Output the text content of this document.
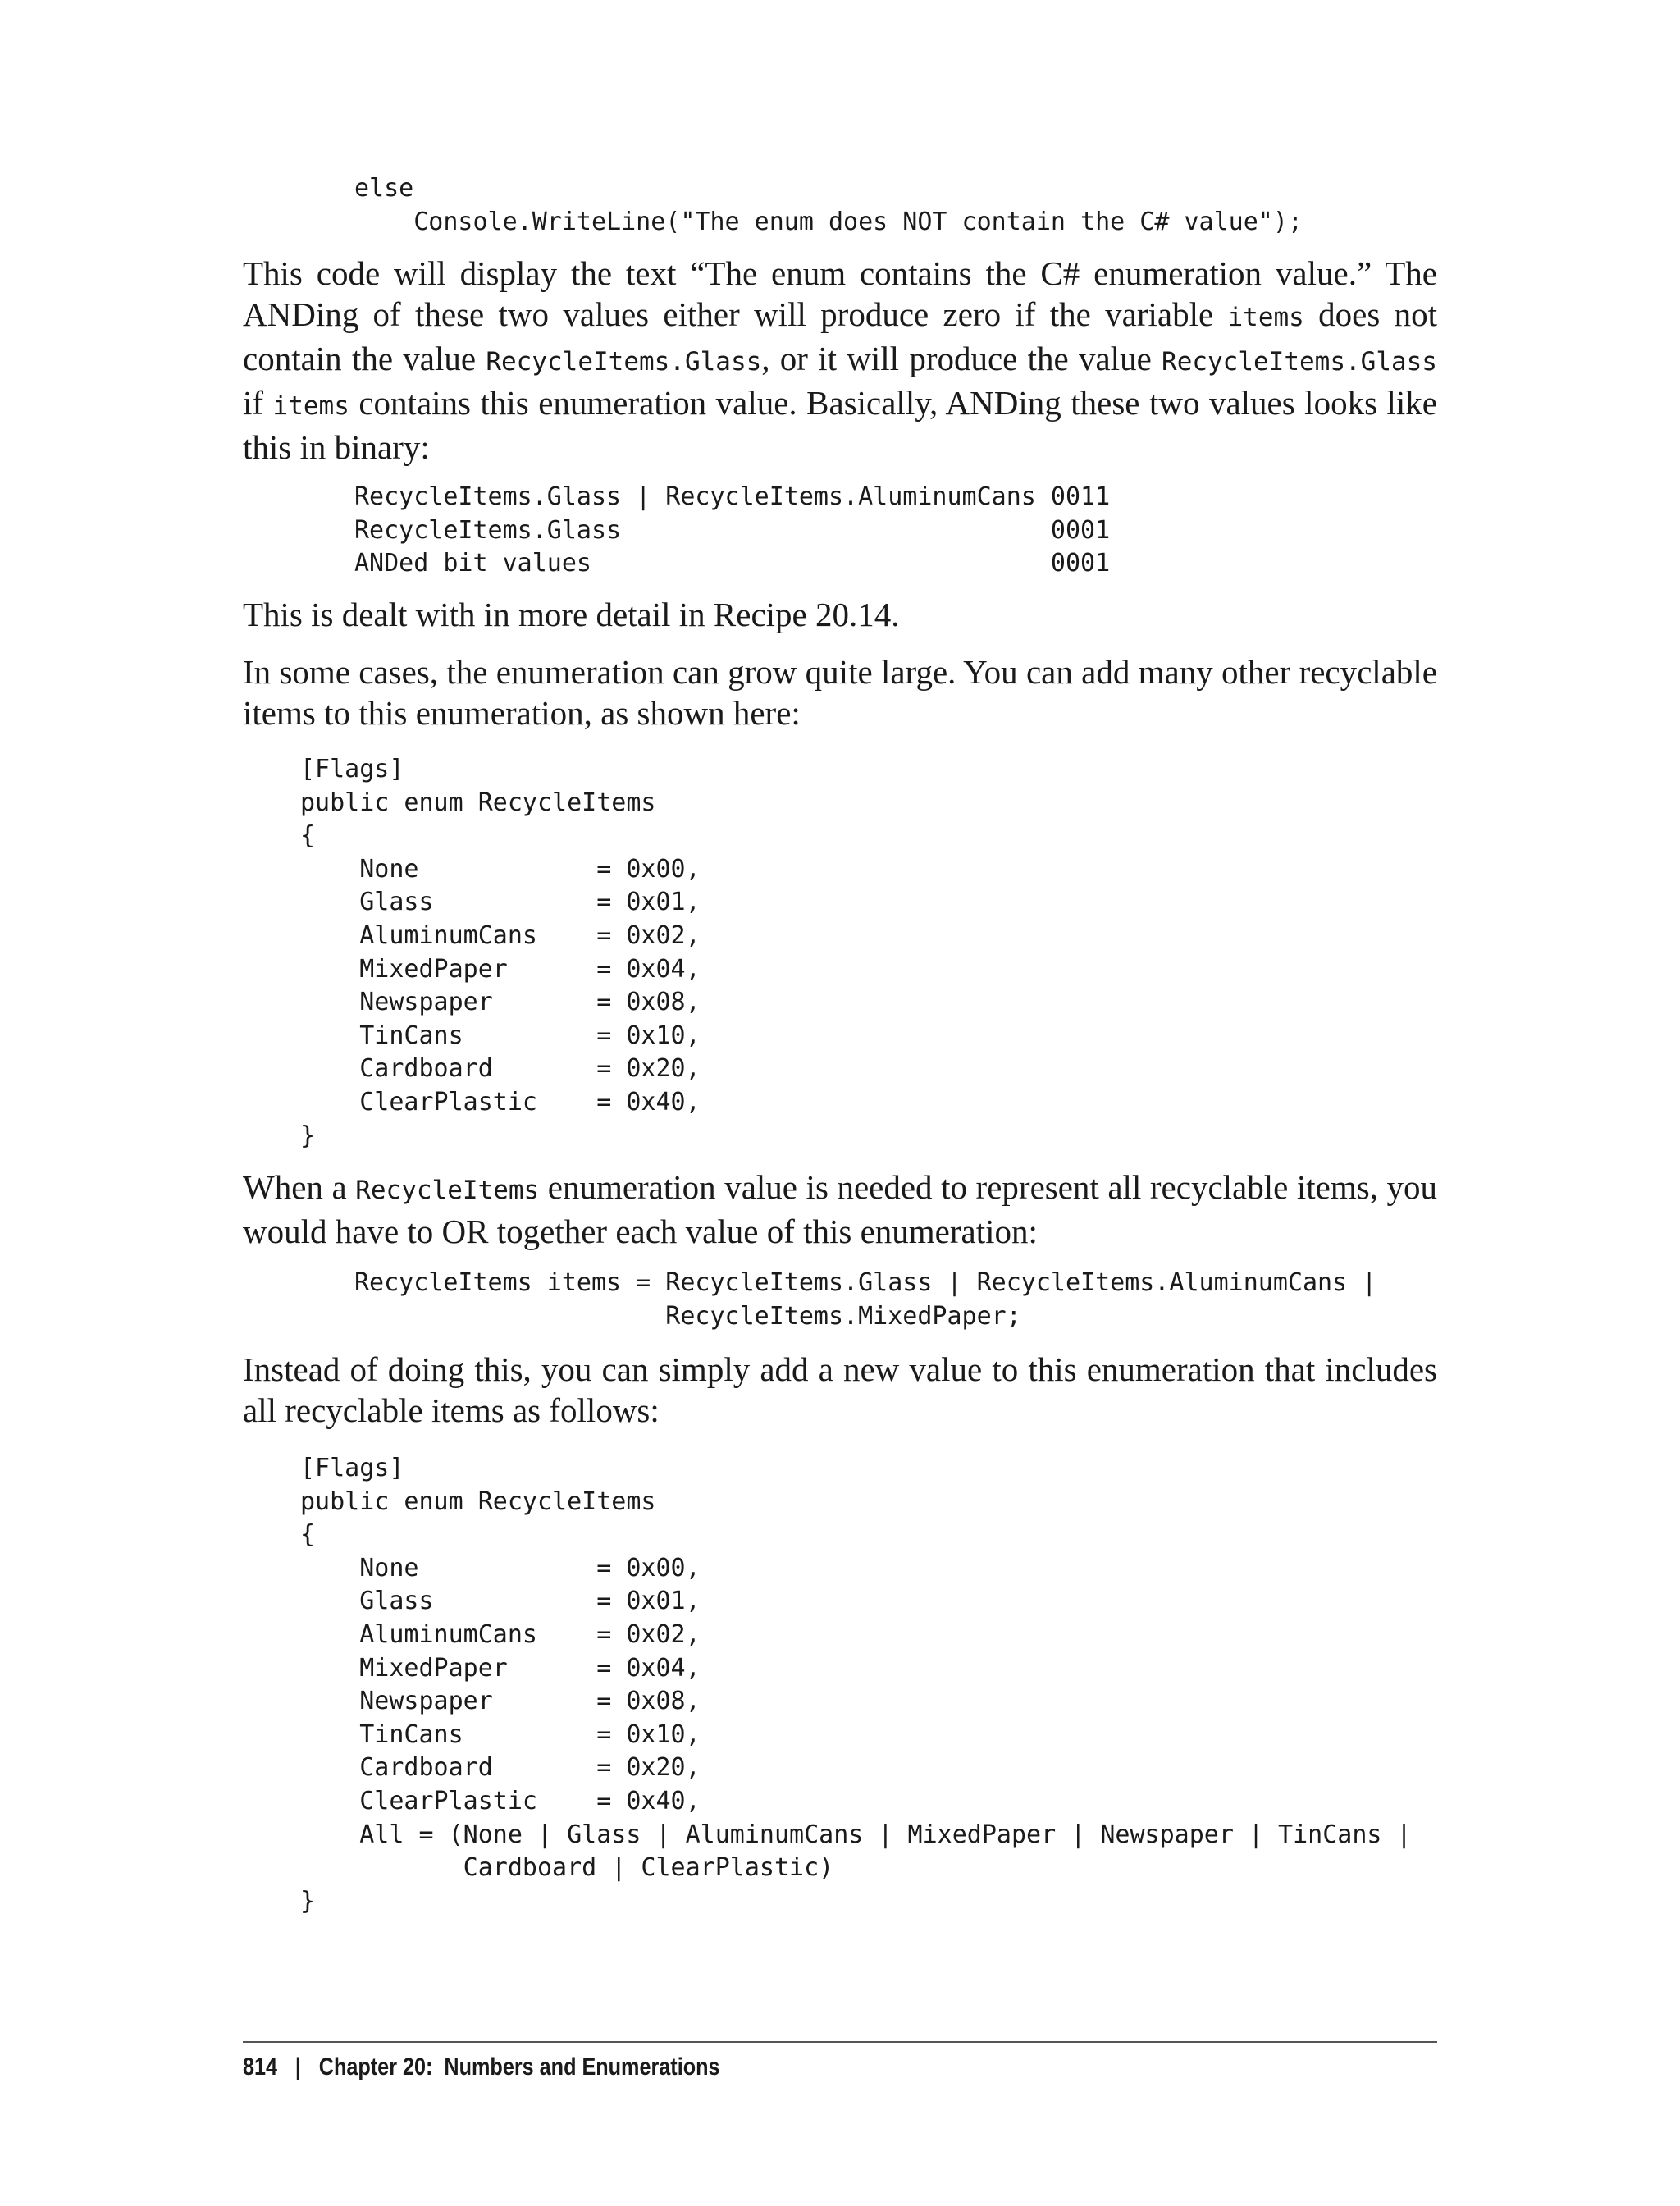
else
Console.WriteLine("The enum does NOT contain the C# value");

This code will display the text “The enum contains the C# enumeration value.” The ANDing of these two values either will produce zero if the variable items does not contain the value RecycleItems.Glass, or it will produce the value RecycleItems.Glass if items contains this enumeration value. Basically, ANDing these two values looks like this in binary:

RecycleItems.Glass | RecycleItems.AluminumCans 0011
RecycleItems.Glass                             0001
ANDed bit values                               0001

This is dealt with in more detail in Recipe 20.14.

In some cases, the enumeration can grow quite large. You can add many other recyclable items to this enumeration, as shown here:

[Flags]
public enum RecycleItems
{
None            = 0x00,
Glass           = 0x01,
AluminumCans    = 0x02,
MixedPaper      = 0x04,
Newspaper       = 0x08,
TinCans         = 0x10,
Cardboard       = 0x20,
ClearPlastic    = 0x40,
}

When a RecycleItems enumeration value is needed to represent all recyclable items, you would have to OR together each value of this enumeration:

RecycleItems items = RecycleItems.Glass | RecycleItems.AluminumCans |
RecycleItems.MixedPaper;

Instead of doing this, you can simply add a new value to this enumeration that includes all recyclable items as follows:

[Flags]
public enum RecycleItems
{
None            = 0x00,
Glass           = 0x01,
AluminumCans    = 0x02,
MixedPaper      = 0x04,
Newspaper       = 0x08,
TinCans         = 0x10,
Cardboard       = 0x20,
ClearPlastic    = 0x40,
All = (None | Glass | AluminumCans | MixedPaper | Newspaper | TinCans |
Cardboard | ClearPlastic)
}
814 | Chapter 20:  Numbers and Enumerations
